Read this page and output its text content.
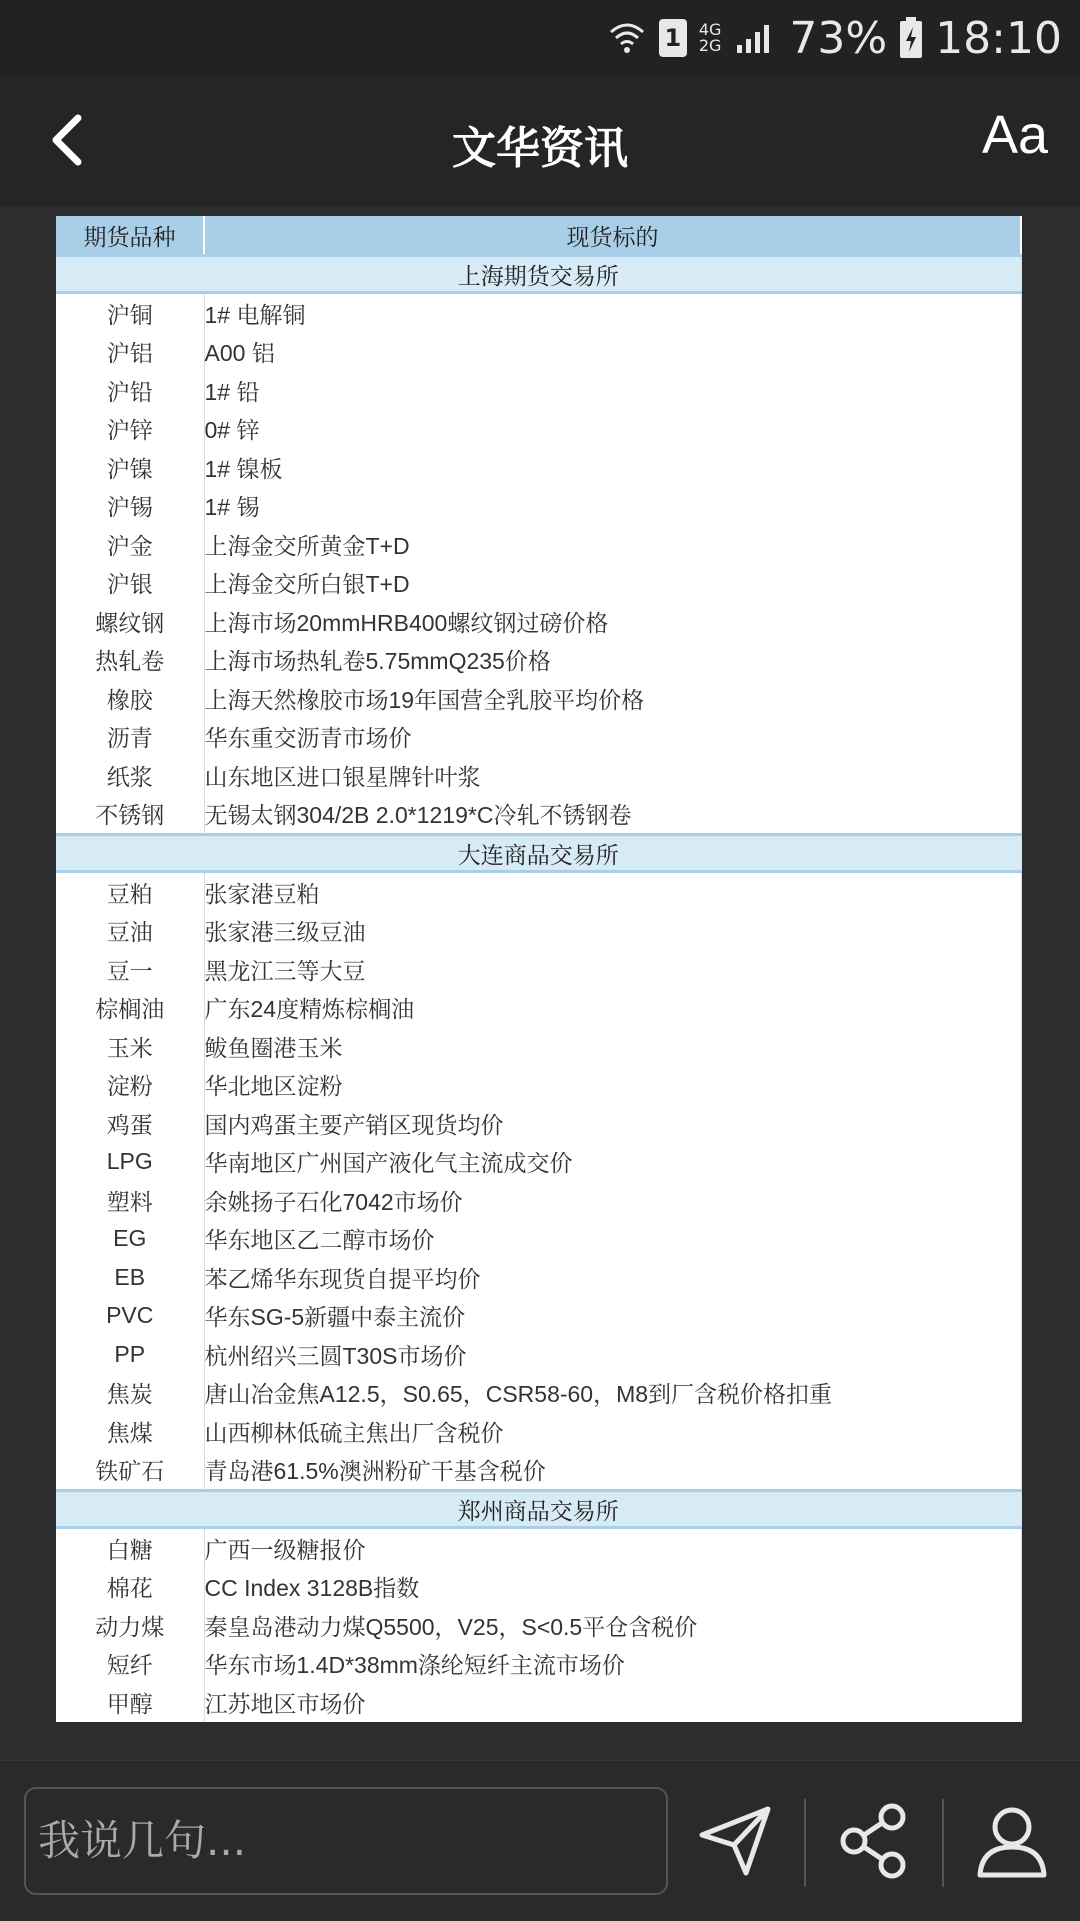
1	4G
2G 73% 18:10
文华资讯	Aa
期货品种	现货标的
上海期货交易所	
沪铜	1# 电解铜
沪铝	A00 铝
沪铅	1# 铅
沪锌	0# 锌
沪镍	1# 镍板
沪锡	1# 锡
沪金	上海金交所黄金T+D
沪银	上海金交所白银T+D
螺纹钢	上海市场20mmHRB400螺纹钢过磅价格
热轧卷	上海市场热轧卷5.75mmQ235价格
橡胶	上海天然橡胶市场19年国营全乳胶平均价格
沥青	华东重交沥青市场价
纸浆	山东地区进口银星牌针叶浆
不锈钢	无锡太钢304/2B 2.0*1219*C冷轧不锈钢卷
大连商品交易所	
豆粕	张家港豆粕
豆油	张家港三级豆油
豆一	黑龙江三等大豆
棕榈油	广东24度精炼棕榈油
玉米	鲅鱼圈港玉米
淀粉	华北地区淀粉
鸡蛋	国内鸡蛋主要产销区现货均价
LPG	华南地区广州国产液化气主流成交价
塑料	余姚扬子石化7042市场价
EG	华东地区乙二醇市场价
EB	苯乙烯华东现货自提平均价
PVC	华东SG-5新疆中泰主流价
PP	杭州绍兴三圆T30S市场价
焦炭	唐山冶金焦A12.5，S0.65，CSR58-60，M8到厂含税价格扣重
焦煤	山西柳林低硫主焦出厂含税价
铁矿石	青岛港61.5%澳洲粉矿干基含税价
郑州商品交易所	
白糖	广西一级糖报价
棉花	CC Index 3128B指数
动力煤	秦皇岛港动力煤Q5500，V25，S<0.5平仓含税价
短纤	华东市场1.4D*38mm涤纶短纤主流市场价
甲醇	江苏地区市场价
我说几句...
